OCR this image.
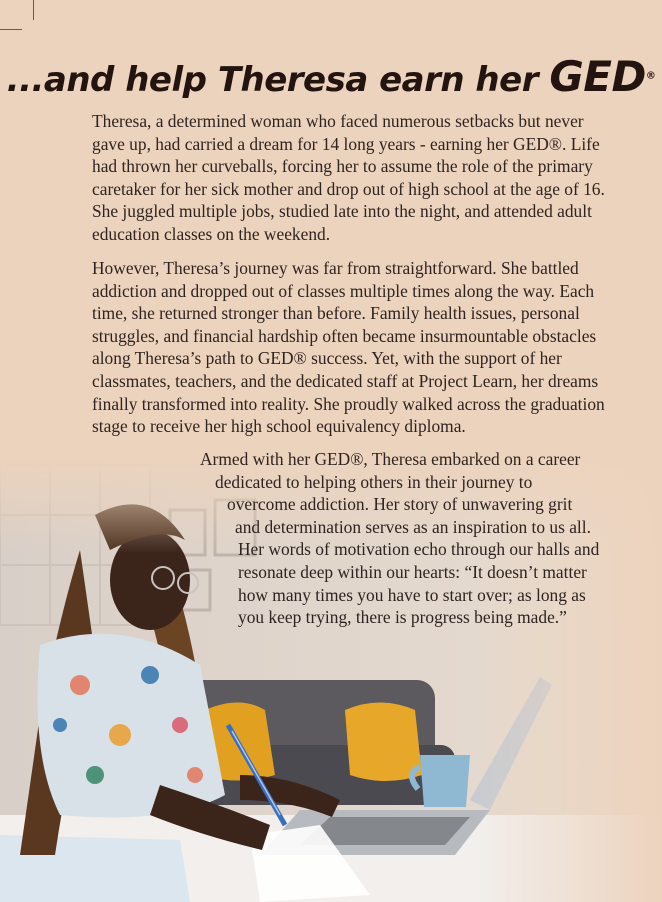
...and help Theresa earn her GED®

Theresa, a determined woman who faced numerous setbacks but never gave up, had carried a dream for 14 long years - earning her GED®. Life had thrown her curveballs, forcing her to assume the role of the primary caretaker for her sick mother and drop out of high school at the age of 16. She juggled multiple jobs, studied late into the night, and attended adult education classes on the weekend.

However, Theresa’s journey was far from straightforward. She battled addiction and dropped out of classes multiple times along the way. Each time, she returned stronger than before. Family health issues, personal struggles, and financial hardship often became insurmountable obstacles along Theresa’s path to GED® success. Yet, with the support of her classmates, teachers, and the dedicated staff at Project Learn, her dreams finally transformed into reality. She proudly walked across the graduation stage to receive her high school equivalency diploma.

Armed with her GED®, Theresa embarked on a career
dedicated to helping others in their journey to
overcome addiction. Her story of unwavering grit
and determination serves as an inspiration to us all.
Her words of motivation echo through our halls and
resonate deep within our hearts: “It doesn’t matter
how many times you have to start over; as long as
you keep trying, there is progress being made.”
